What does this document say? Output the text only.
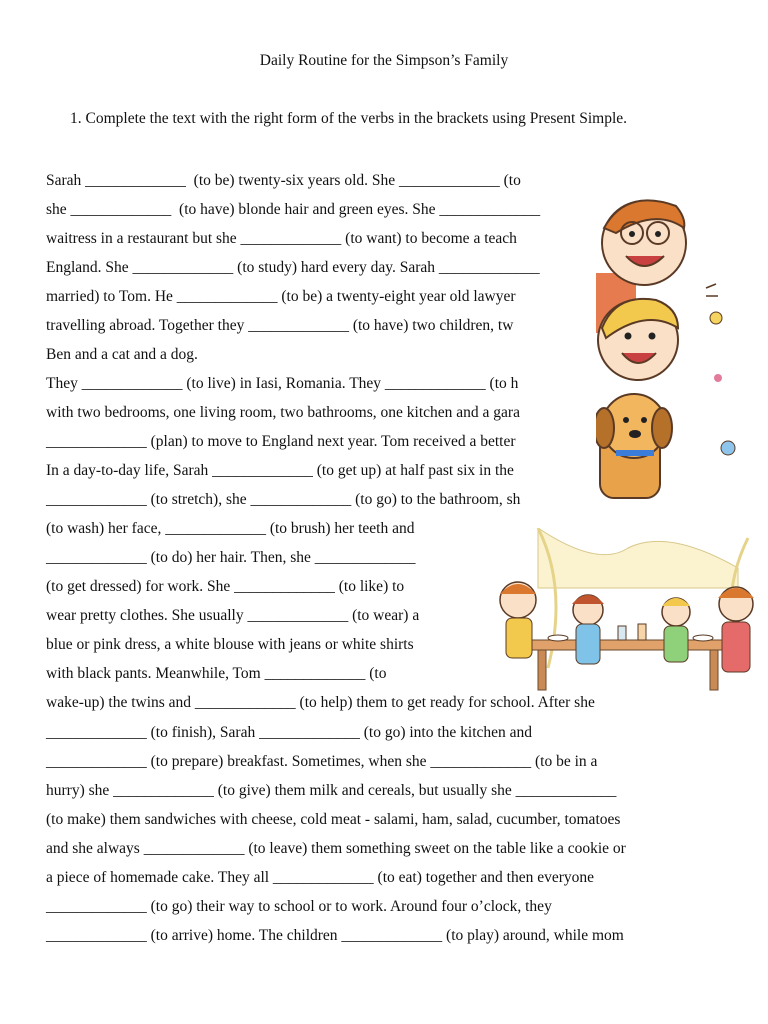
Daily Routine for the Simpson’s Family
1. Complete the text with the right form of the verbs in the brackets using Present Simple.
Sarah _____________  (to be) twenty-six years old. She _____________ (to
she _____________  (to have) blonde hair and green eyes. She _____________
waitress in a restaurant but she _____________ (to want) to become a teach
England. She _____________ (to study) hard every day. Sarah _____________
married) to Tom. He _____________ (to be) a twenty-eight year old lawyer
travelling abroad. Together they _____________ (to have) two children, tw
Ben and a cat and a dog.
They _____________ (to live) in Iasi, Romania. They _____________ (to h
with two bedrooms, one living room, two bathrooms, one kitchen and a gara
_____________ (plan) to move to England next year. Tom received a better
In a day-to-day life, Sarah _____________ (to get up) at half past six in the
_____________ (to stretch), she _____________ (to go) to the bathroom, sh
(to wash) her face, _____________ (to brush) her teeth and
_____________ (to do) her hair. Then, she _____________
(to get dressed) for work. She _____________ (to like) to
wear pretty clothes. She usually _____________ (to wear) a
blue or pink dress, a white blouse with jeans or white shirts
with black pants. Meanwhile, Tom _____________ (to
wake-up) the twins and _____________ (to help) them to get ready for school. After she
_____________ (to finish), Sarah _____________ (to go) into the kitchen and
_____________ (to prepare) breakfast. Sometimes, when she _____________ (to be in a
hurry) she _____________ (to give) them milk and cereals, but usually she _____________
(to make) them sandwiches with cheese, cold meat - salami, ham, salad, cucumber, tomatoes
and she always _____________ (to leave) them something sweet on the table like a cookie or
a piece of homemade cake. They all _____________ (to eat) together and then everyone
_____________ (to go) their way to school or to work. Around four o’clock, they
_____________ (to arrive) home. The children _____________ (to play) around, while mom
